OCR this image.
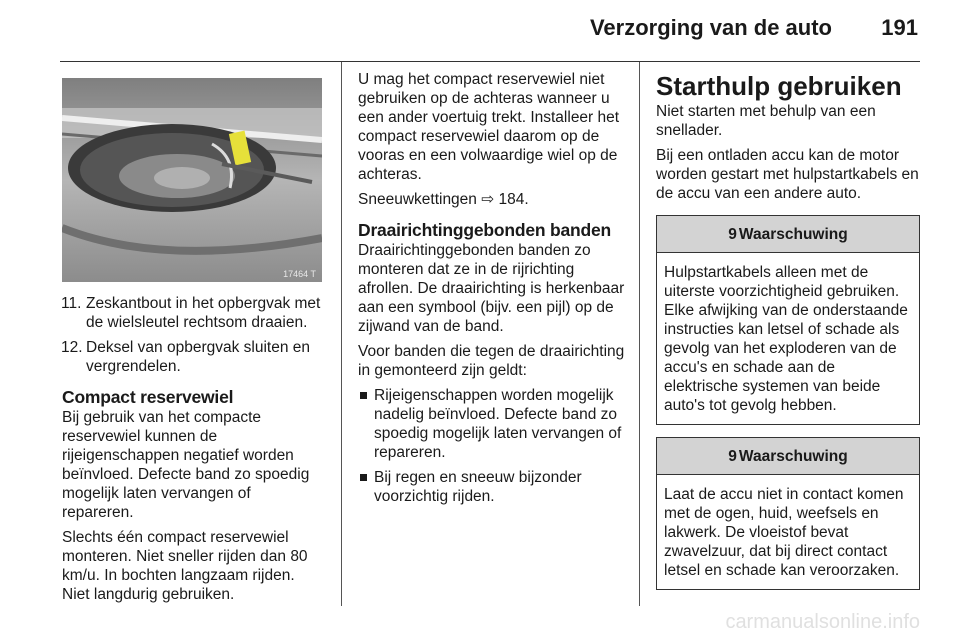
Verzorging van de auto 191
17464 T
11. Zeskantbout in het opbergvak met de wielsleutel rechtsom draaien.
12. Deksel van opbergvak sluiten en vergrendelen.
Compact reservewiel

Bij gebruik van het compacte reservewiel kunnen de rijeigenschappen negatief worden beïnvloed. Defecte band zo spoedig mogelijk laten vervangen of repareren.

Slechts één compact reservewiel monteren. Niet sneller rijden dan 80 km/u. In bochten langzaam rijden. Niet langdurig gebruiken.

U mag het compact reservewiel niet gebruiken op de achteras wanneer u een ander voertuig trekt. Installeer het compact reservewiel daarom op de vooras en een volwaardige wiel op de achteras.

Sneeuwkettingen ⇨ 184.

Draairichtinggebonden banden

Draairichtinggebonden banden zo monteren dat ze in de rijrichting afrollen. De draairichting is herkenbaar aan een symbool (bijv. een pijl) op de zijwand van de band.

Voor banden die tegen de draairichting in gemonteerd zijn geldt:

Rijeigenschappen worden mogelijk nadelig beïnvloed. Defecte band zo spoedig mogelijk laten vervangen of repareren.
Bij regen en sneeuw bijzonder voorzichtig rijden.
Starthulp gebruiken

Niet starten met behulp van een snellader.

Bij een ontladen accu kan de motor worden gestart met hulpstartkabels en de accu van een andere auto.

9 Waarschuwing
Hulpstartkabels alleen met de uiterste voorzichtigheid gebruiken. Elke afwijking van de onderstaande instructies kan letsel of schade als gevolg van het exploderen van de accu's en schade aan de elektrische systemen van beide auto's tot gevolg hebben.
9 Waarschuwing
Laat de accu niet in contact komen met de ogen, huid, weefsels en lakwerk. De vloeistof bevat zwavelzuur, dat bij direct contact letsel en schade kan veroorzaken.
carmanualsonline.info
